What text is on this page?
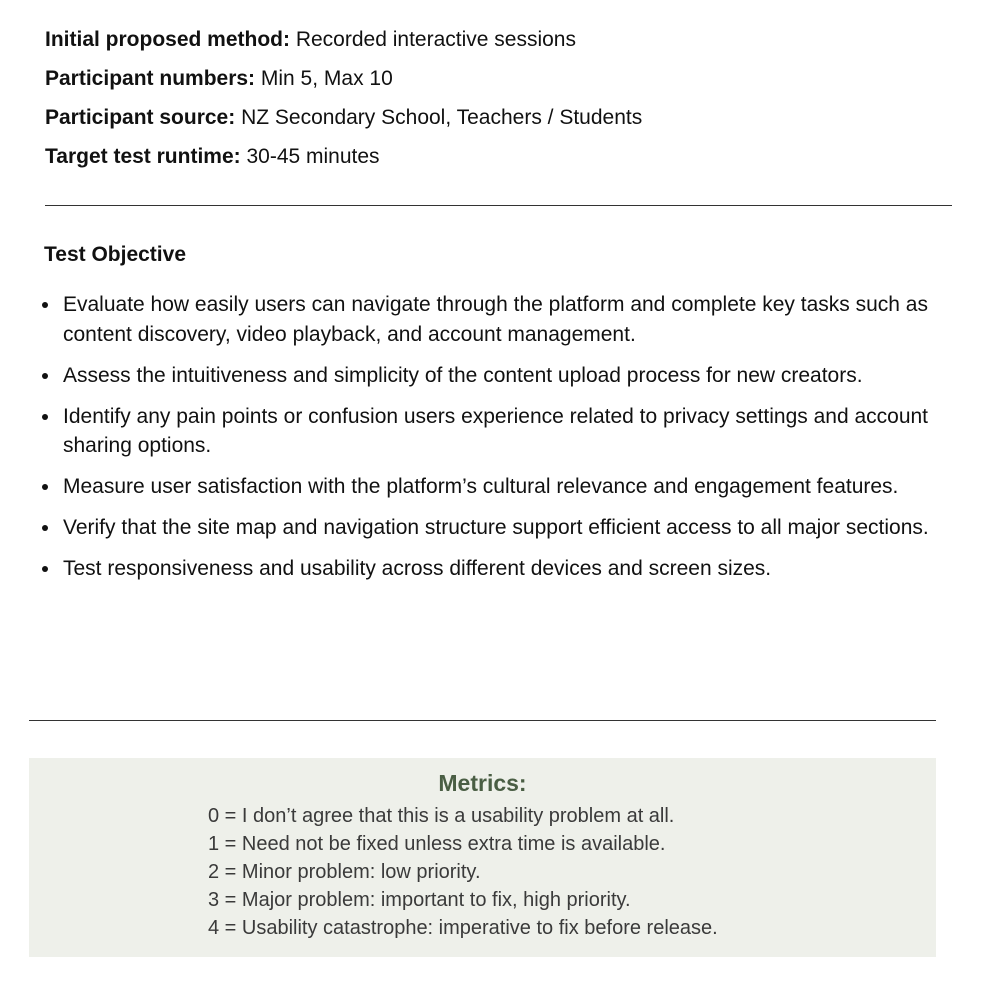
Initial proposed method: Recorded interactive sessions
Participant numbers: Min 5, Max 10
Participant source: NZ Secondary School, Teachers / Students
Target test runtime: 30-45 minutes
Test Objective
Evaluate how easily users can navigate through the platform and complete key tasks such as content discovery, video playback, and account management.
Assess the intuitiveness and simplicity of the content upload process for new creators.
Identify any pain points or confusion users experience related to privacy settings and account sharing options.
Measure user satisfaction with the platform’s cultural relevance and engagement features.
Verify that the site map and navigation structure support efficient access to all major sections.
Test responsiveness and usability across different devices and screen sizes.
Metrics:
0 = I don’t agree that this is a usability problem at all.
1 = Need not be fixed unless extra time is available.
2 = Minor problem: low priority.
3 = Major problem: important to fix, high priority.
4 = Usability catastrophe: imperative to fix before release.
